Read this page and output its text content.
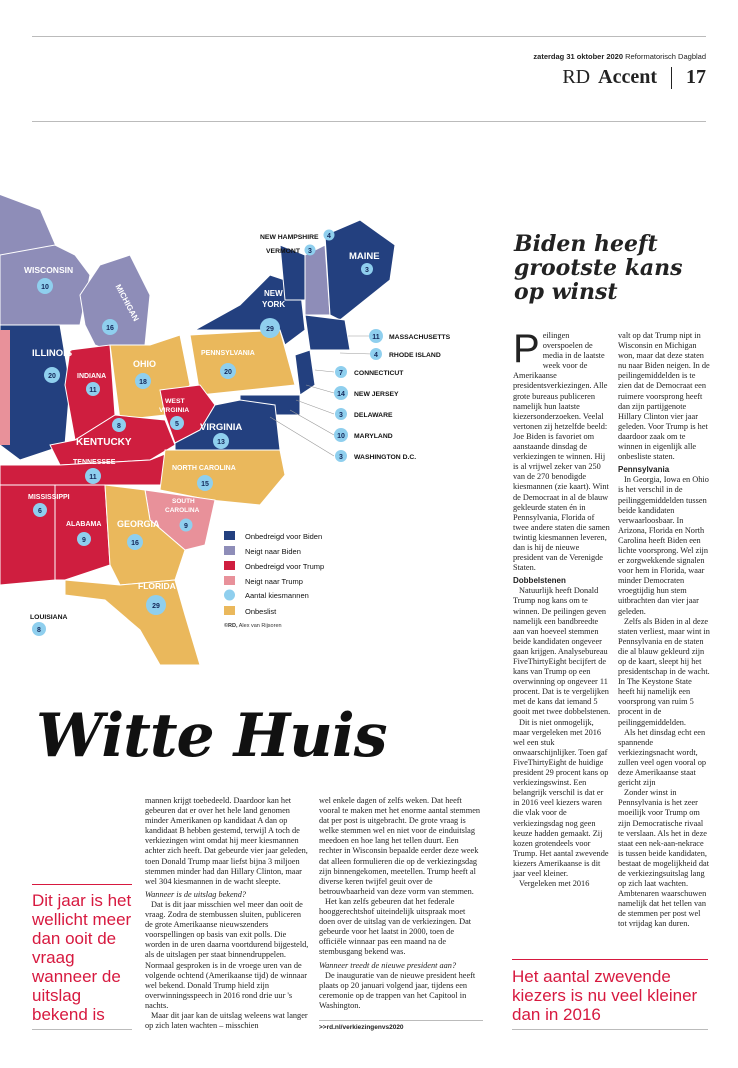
zaterdag 31 oktober 2020 Reformatorisch Dagblad
RD Accent 17
WISCONSIN
MICHIGAN
ILLINOIS
INDIANA
OHIO
PENNSYLVANIA
NEW
YORK
MAINE
WEST
VIRGINIA
VIRGINIA
KENTUCKY
TENNESSEE
NORTH CAROLINA
SOUTH
CAROLINA
MISSISSIPPI
ALABAMA GEORGIA
FLORIDA
LOUISIANA
NEW HAMPSHIRE
VERMONT
10
16
20
11
18
20
29
3
4
3
5
13
8
11
15
9
6
9	16
29
8
11 MASSACHUSETTS
4 RHODE ISLAND
7 CONNECTICUT
14 NEW JERSEY
3 DELAWARE
10 MARYLAND
3 WASHINGTON D.C.
Onbedreigd voor Biden
Neigt naar Biden
Onbedreigd voor Trump
Neigt naar Trump
Aantal kiesmannen
Onbeslist
©RD, Alex van Rijsoren
Biden heeft
grootste kans
op winst

Peilingen overspoelen de media in de laatste week voor de Amerikaanse presidentsverkiezingen. Alle grote bureaus publiceren namelijk hun laatste kiezersonderzoeken. Veelal vertonen zij hetzelfde beeld: Joe Biden is favoriet om aanstaande dinsdag de verkiezingen te winnen. Hij is al vrijwel zeker van 250 van de 270 benodigde kiesmannen (zie kaart). Wint de Democraat in al de blauw gekleurde staten én in Pennsylvania, Florida of twee andere staten die samen twintig kiesmannen leveren, dan is hij de nieuwe president van de Verenigde Staten.

Dobbelstenen

Natuurlijk heeft Donald Trump nog kans om te winnen. De peilingen geven namelijk een bandbreedte aan van hoeveel stemmen beide kandidaten ongeveer gaan krijgen. Analysebureau FiveThirtyEight becijfert de kans van Trump op een overwinning op ongeveer 11 procent. Dat is te vergelijken met de kans dat iemand 5 gooit met twee dobbelstenen.

Dit is niet onmogelijk, maar vergeleken met 2016 wel een stuk onwaarschijnlijker. Toen gaf FiveThirtyEight de huidige president 29 procent kans op verkiezingswinst. Een belangrijk verschil is dat er in 2016 veel kiezers waren die vlak voor de verkiezingsdag nog geen keuze hadden gemaakt. Zij kozen grotendeels voor Trump. Het aantal zwevende kiezers Amerikaanse is dit jaar veel kleiner.

Vergeleken met 2016

valt op dat Trump nipt in Wisconsin en Michigan won, maar dat deze staten nu naar Biden neigen. In de peilingemiddelden is te zien dat de Democraat een ruimere voorsprong heeft dan zijn partijgenote Hillary Clinton vier jaar geleden. Voor Trump is het daardoor zaak om te winnen in eigenlijk alle onbesliste staten.

Pennsylvania

In Georgia, Iowa en Ohio is het verschil in de peilinggemiddelden tussen beide kandidaten verwaarloosbaar. In Arizona, Florida en North Carolina heeft Biden een lichte voorsprong. Wel zijn er zorgwekkende signalen voor hem in Florida, waar minder Democraten vroegtijdig hun stem uitbrachten dan vier jaar geleden.

Zelfs als Biden in al deze staten verliest, maar wint in Pennsylvania en de staten die al blauw gekleurd zijn op de kaart, sleept hij het presidentschap in de wacht. In The Keystone State heeft hij namelijk een voorsprong van ruim 5 procent in de peilinggemiddelden.

Als het dinsdag echt een spannende verkiezingsnacht wordt, zullen veel ogen vooral op deze Amerikaanse staat gericht zijn

Zonder winst in Pennsylvania is het zeer moeilijk voor Trump om zijn Democratische rivaal te verslaan. Als het in deze staat een nek-aan-nekrace is tussen beide kandidaten, bestaat de mogelijkheid dat de verkiezingsuitslag lang op zich laat wachten. Ambtenaren waarschuwen namelijk dat het tellen van de stemmen per post wel tot vrijdag kan duren.

Witte Huis
Dit jaar is het wellicht meer dan ooit de vraag wanneer de uitslag bekend is

mannen krijgt toebedeeld. Daardoor kan het gebeuren dat er over het hele land genomen minder Amerikanen op kandidaat A dan op kandidaat B hebben gestemd, terwijl A toch de verkiezingen wint omdat hij meer kiesmannen achter zich heeft. Dat gebeurde vier jaar geleden, toen Donald Trump maar liefst bijna 3 miljoen stemmen minder had dan Hillary Clinton, maar wel 304 kiesmannen in de wacht sleepte.

Wanneer is de uitslag bekend?

Dat is dit jaar misschien wel meer dan ooit de vraag. Zodra de stembussen sluiten, publiceren de grote Amerikaanse nieuwszenders voorspellingen op basis van exit polls. Die worden in de uren daarna voortdurend bijgesteld, als de uitslagen per staat binnendruppelen. Normaal gesproken is in de vroege uren van de volgende ochtend (Amerikaanse tijd) de winnaar wel bekend. Donald Trump hield zijn overwinningsspeech in 2016 rond drie uur 's nachts.

Maar dit jaar kan de uitslag weleens wat langer op zich laten wachten – misschien

wel enkele dagen of zelfs weken. Dat heeft vooral te maken met het enorme aantal stemmen dat per post is uitgebracht. De grote vraag is welke stemmen wel en niet voor de einduitslag meedoen en hoe lang het tellen duurt. Een rechter in Wisconsin bepaalde eerder deze week dat alleen formulieren die op de verkiezingsdag zijn binnengekomen, meetellen. Trump heeft al diverse keren twijfel geuit over de betrouwbaarheid van deze vorm van stemmen.

Het kan zelfs gebeuren dat het federale hooggerechtshof uiteindelijk uitspraak moet doen over de uitslag van de verkiezingen. Dat gebeurde voor het laatst in 2000, toen de officiële winnaar pas een maand na de stembusgang bekend was.

Wanneer treedt de nieuwe president aan?

De inauguratie van de nieuwe president heeft plaats op 20 januari volgend jaar, tijdens een ceremonie op de trappen van het Capitool in Washington.

>>rd.nl/verkiezingenvs2020
Het aantal zwevende kiezers is nu veel kleiner dan in 2016
